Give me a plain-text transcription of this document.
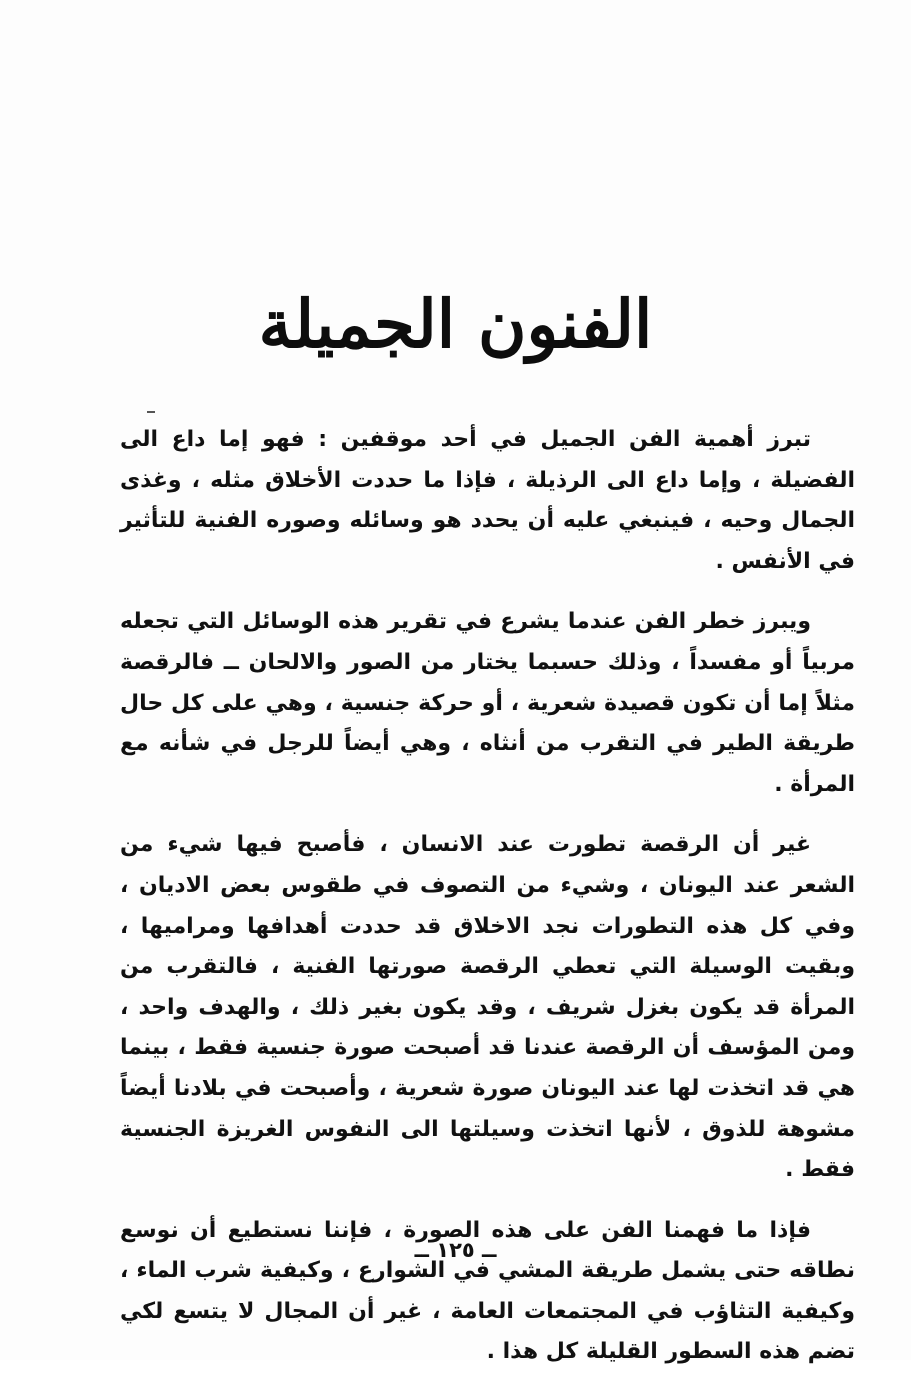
الفنون الجميلة

تبرز أهمية الفن الجميل في أحد موقفين : فهو إما داع الى الفضيلة ، وإما داع الى الرذيلة ، فإذا ما حددت الأخلاق مثله ، وغذى الجمال وحيه ، فينبغي عليه أن يحدد هو وسائله وصوره الفنية للتأثير في الأنفس .

ويبرز خطر الفن عندما يشرع في تقرير هذه الوسائل التي تجعله مربياً أو مفسداً ، وذلك حسبما يختار من الصور والالحان ــ فالرقصة مثلاً إما أن تكون قصيدة شعرية ، أو حركة جنسية ، وهي على كل حال طريقة الطير في التقرب من أنثاه ، وهي أيضاً للرجل في شأنه مع المرأة .

غير أن الرقصة تطورت عند الانسان ، فأصبح فيها شيء من الشعر عند اليونان ، وشيء من التصوف في طقوس بعض الاديان ، وفي كل هذه التطورات نجد الاخلاق قد حددت أهدافها ومراميها ، وبقيت الوسيلة التي تعطي الرقصة صورتها الفنية ، فالتقرب من المرأة قد يكون بغزل شريف ، وقد يكون بغير ذلك ، والهدف واحد ، ومن المؤسف أن الرقصة عندنا قد أصبحت صورة جنسية فقط ، بينما هي قد اتخذت لها عند اليونان صورة شعرية ، وأصبحت في بلادنا أيضاً مشوهة للذوق ، لأنها اتخذت وسيلتها الى النفوس الغريزة الجنسية فقط .

فإذا ما فهمنا الفن على هذه الصورة ، فإننا نستطيع أن نوسع نطاقه حتى يشمل طريقة المشي في الشوارع ، وكيفية شرب الماء ، وكيفية التثاؤب في المجتمعات العامة ، غير أن المجال لا يتسع لكي تضم هذه السطور القليلة كل هذا .

ــ ١٢٥ ــ
